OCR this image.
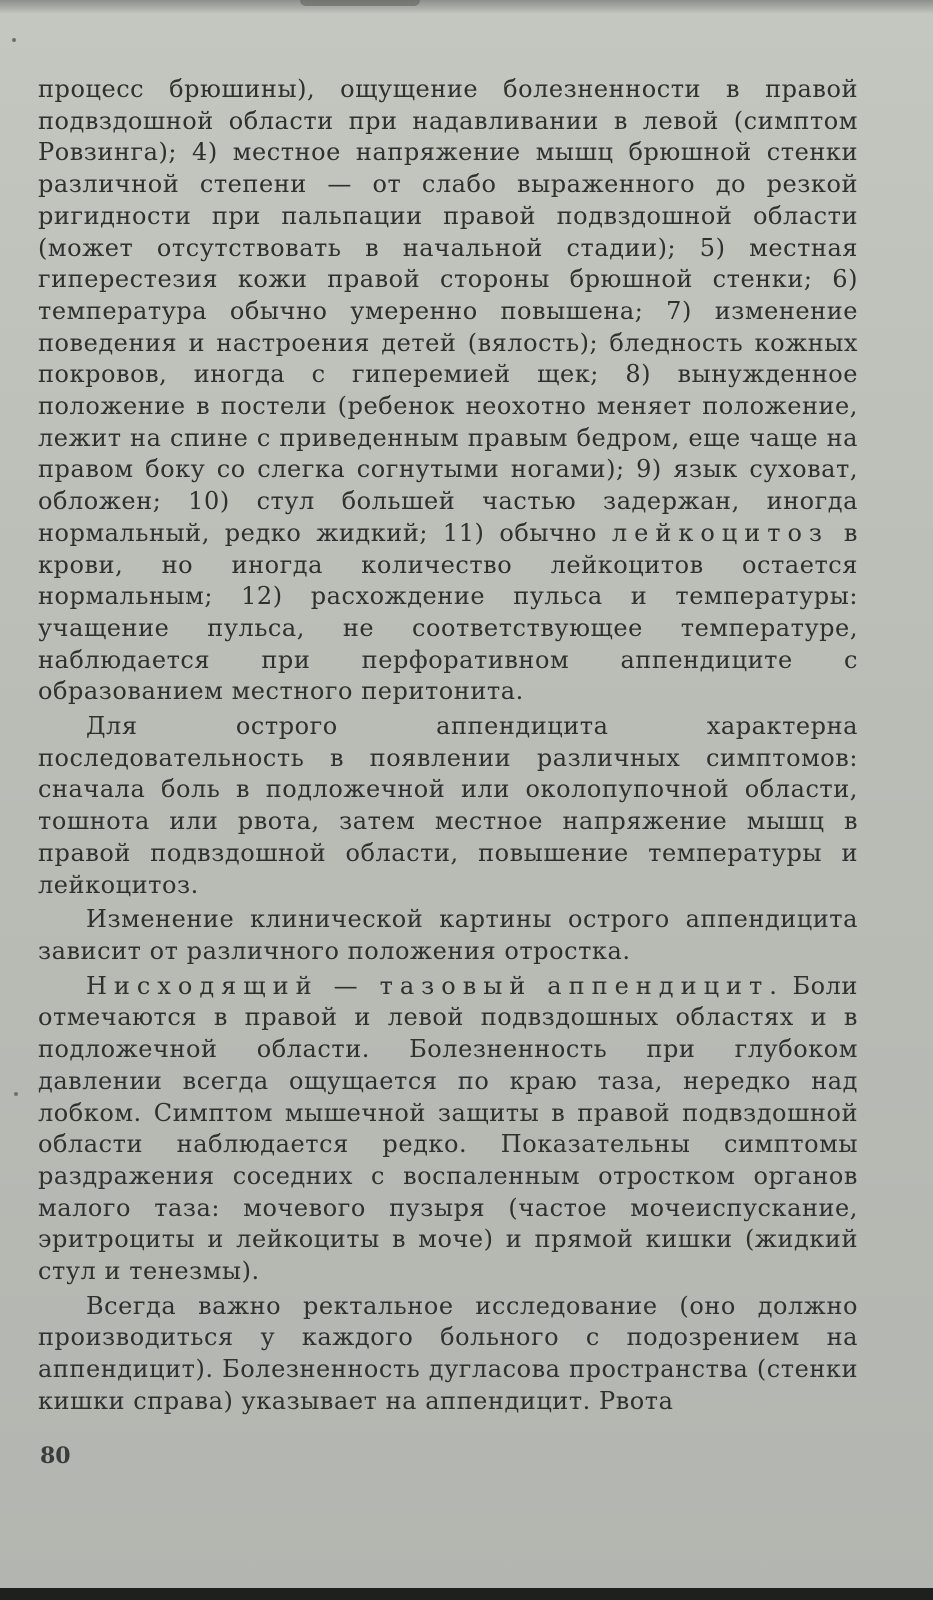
процесс брюшины), ощущение болезненности в правой подвздошной области при надавливании в левой (симптом Ровзинга); 4) местное напряжение мышц брюшной стенки различной степени — от слабо выраженного до резкой ригидности при пальпации правой подвздошной области (может отсутствовать в начальной стадии); 5) местная гиперестезия кожи правой стороны брюшной стенки; 6) температура обычно умеренно повышена; 7) изменение поведения и настроения детей (вялость); бледность кожных покровов, иногда с гиперемией щек; 8) вынужденное положение в постели (ребенок неохотно меняет положение, лежит на спине с приведенным правым бедром, еще чаще на правом боку со слегка согнутыми ногами); 9) язык суховат, обложен; 10) стул большей частью задержан, иногда нормальный, редко жидкий; 11) обычно лейкоцитоз в крови, но иногда количество лейкоцитов остается нормальным; 12) расхождение пульса и температуры: учащение пульса, не соответствующее температуре, наблюдается при перфоративном аппендиците с образованием местного перитонита.

Для острого аппендицита характерна последовательность в появлении различных симптомов: сначала боль в подложечной или околопупочной области, тошнота или рвота, затем местное напряжение мышц в правой подвздошной области, повышение температуры и лейкоцитоз.

Изменение клинической картины острого аппендицита зависит от различного положения отростка.

Нисходящий — тазовый аппендицит. Боли отмечаются в правой и левой подвздошных областях и в подложечной области. Болезненность при глубоком давлении всегда ощущается по краю таза, нередко над лобком. Симптом мышечной защиты в правой подвздошной области наблюдается редко. Показательны симптомы раздражения соседних с воспаленным отростком органов малого таза: мочевого пузыря (частое мочеиспускание, эритроциты и лейкоциты в моче) и прямой кишки (жидкий стул и тенезмы).

Всегда важно ректальное исследование (оно должно производиться у каждого больного с подозрением на аппендицит). Болезненность дугласова пространства (стенки кишки справа) указывает на аппендицит. Рвота

80
